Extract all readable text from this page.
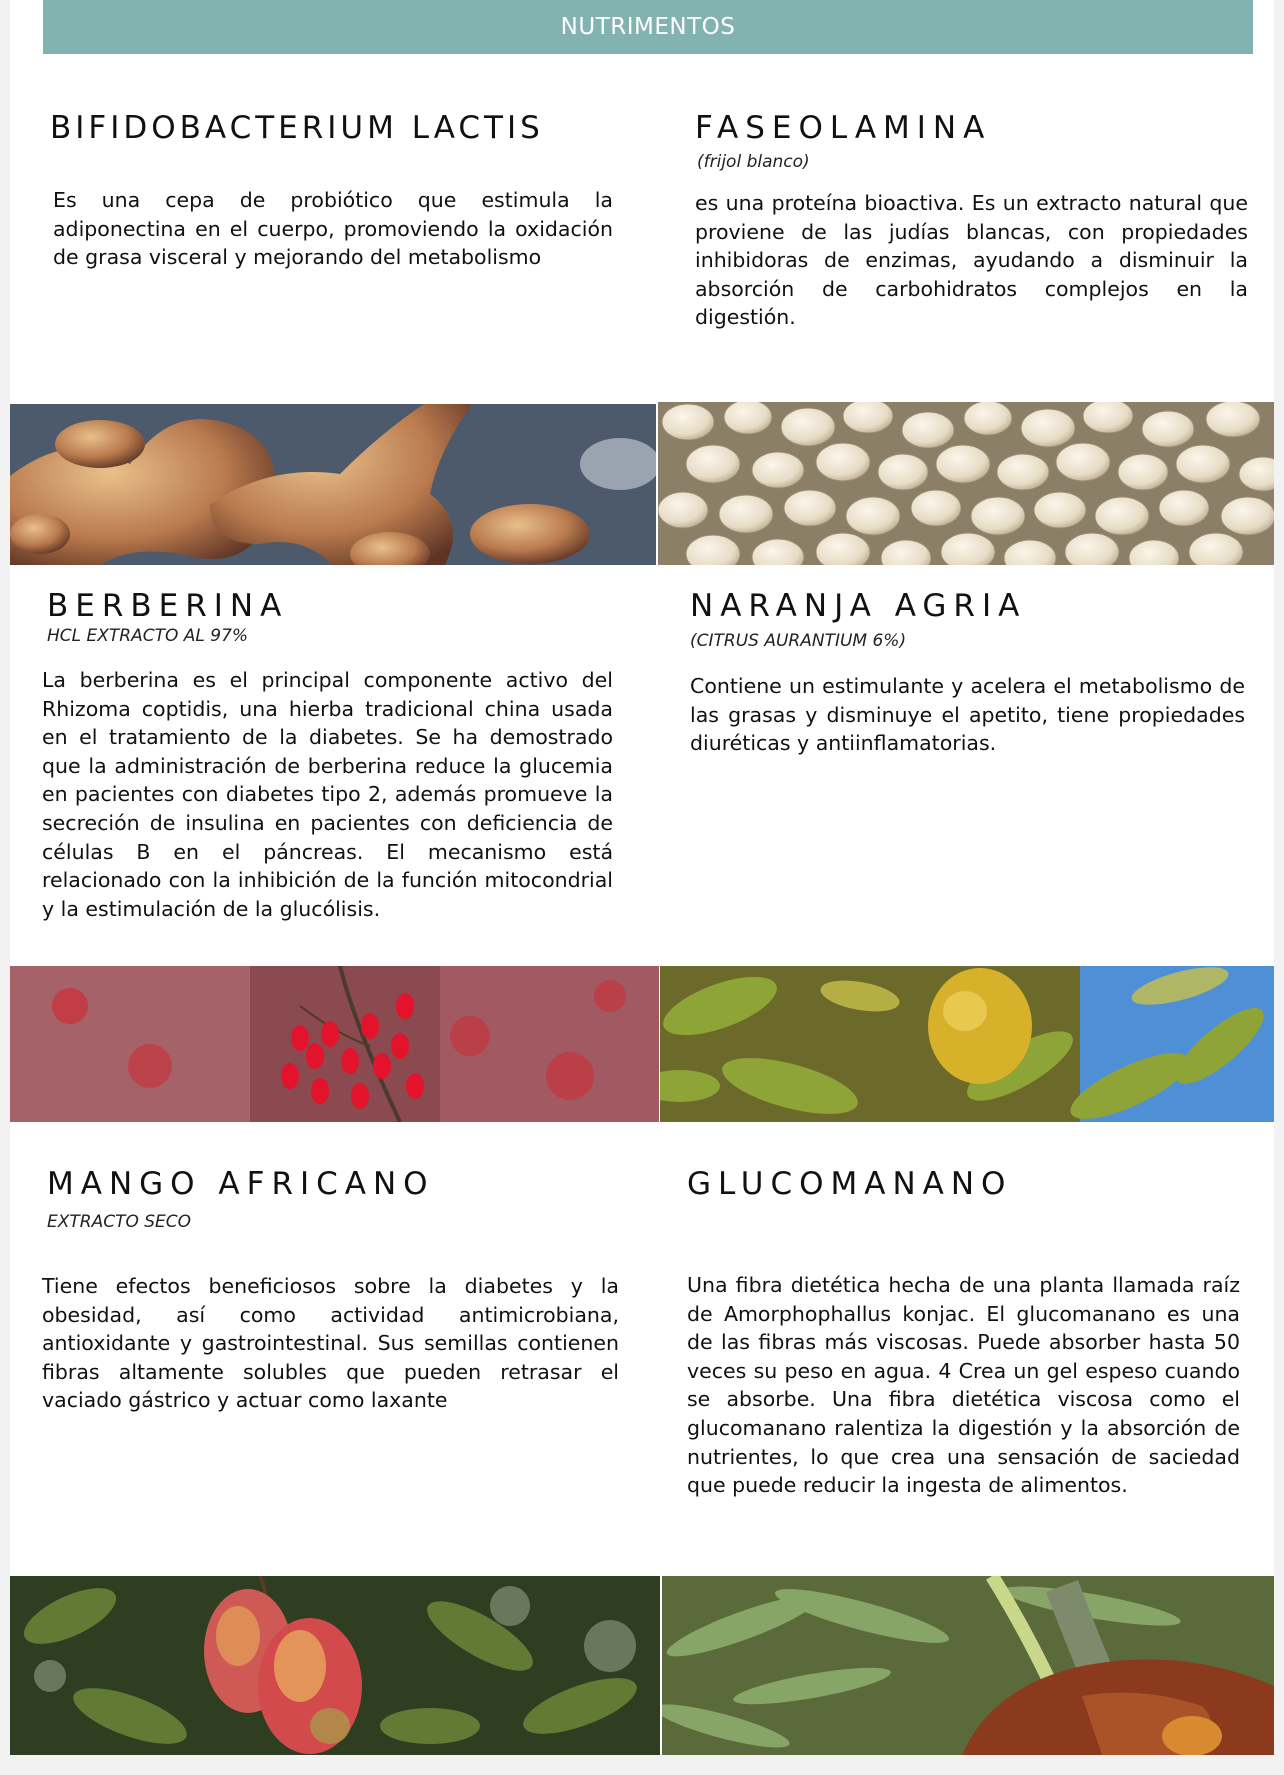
NUTRIMENTOS
BIFIDOBACTERIUM LACTIS

Es una cepa de probiótico que estimula la adiponectina en el cuerpo, promoviendo la oxidación de grasa visceral y mejorando del metabolismo

FASEOLAMINA
(frijol blanco)

es una proteína bioactiva. Es un extracto natural que proviene de las judías blancas, con propiedades inhibidoras de enzimas, ayudando a disminuir la absorción de carbohidratos complejos en la digestión.

BERBERINA
HCL EXTRACTO AL 97%

La berberina es el principal componente activo del Rhizoma coptidis, una hierba tradicional china usada en el tratamiento de la diabetes. Se ha demostrado que la administración de berberina reduce la glucemia en pacientes con diabetes tipo 2, además promueve la secreción de insulina en pacientes con deficiencia de células B en el páncreas. El mecanismo está relacionado con la inhibición de la función mitocondrial y la estimulación de la glucólisis.

NARANJA AGRIA
(CITRUS AURANTIUM 6%)

Contiene un estimulante y acelera el metabolismo de las grasas y disminuye el apetito, tiene propiedades diuréticas y antiinflamatorias.

MANGO AFRICANO
EXTRACTO SECO

Tiene efectos beneficiosos sobre la diabetes y la obesidad, así como actividad antimicrobiana, antioxidante y gastrointestinal. Sus semillas contienen fibras altamente solubles que pueden retrasar el vaciado gástrico y actuar como laxante

GLUCOMANANO

Una fibra dietética hecha de una planta llamada raíz de Amorphophallus konjac. El glucomanano es una de las fibras más viscosas. Puede absorber hasta 50 veces su peso en agua. 4 Crea un gel espeso cuando se absorbe. Una fibra dietética viscosa como el glucomanano ralentiza la digestión y la absorción de nutrientes, lo que crea una sensación de saciedad que puede reducir la ingesta de alimentos.
